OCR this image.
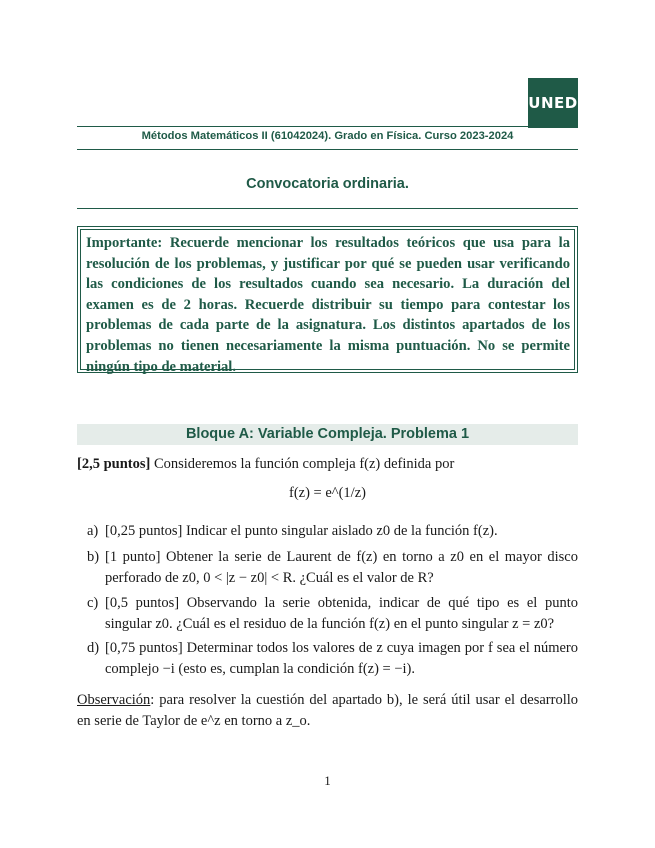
UNED
Métodos Matemáticos II (61042024). Grado en Física. Curso 2023-2024
Convocatoria ordinaria.
Importante: Recuerde mencionar los resultados teóricos que usa para la resolución de los problemas, y justificar por qué se pueden usar verificando las condiciones de los resultados cuando sea necesario. La duración del examen es de 2 horas. Recuerde distribuir su tiempo para contestar los problemas de cada parte de la asignatura. Los distintos apartados de los problemas no tienen necesariamente la misma puntuación. No se permite ningún tipo de material.
Bloque A: Variable Compleja. Problema 1
[2,5 puntos] Consideremos la función compleja f(z) definida por
f(z) = e^(1/z)
a) [0,25 puntos] Indicar el punto singular aislado z0 de la función f(z).
b) [1 punto] Obtener la serie de Laurent de f(z) en torno a z0 en el mayor disco perforado de z0, 0 < |z − z0| < R. ¿Cuál es el valor de R?
c) [0,5 puntos] Observando la serie obtenida, indicar de qué tipo es el punto singular z0. ¿Cuál es el residuo de la función f(z) en el punto singular z = z0?
d) [0,75 puntos] Determinar todos los valores de z cuya imagen por f sea el número complejo −i (esto es, cumplan la condición f(z) = −i).
Observación: para resolver la cuestión del apartado b), le será útil usar el desarrollo en serie de Taylor de e^z en torno a z_o.
1
